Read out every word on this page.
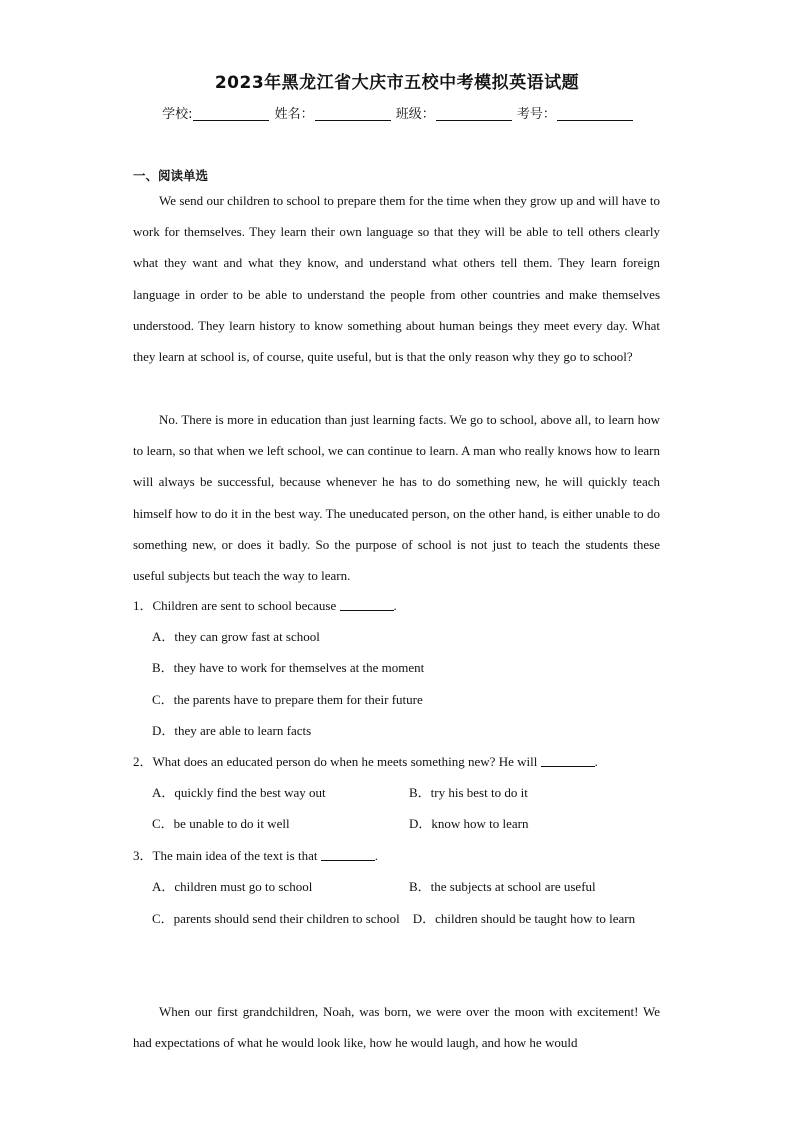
2023年黑龙江省大庆市五校中考模拟英语试题
学校:	姓名：	班级：	考号：
一、阅读单选

We send our children to school to prepare them for the time when they grow up and will have to work for themselves. They learn their own language so that they will be able to tell others clearly what they want and what they know, and understand what others tell them. They learn foreign language in order to be able to understand the people from other countries and make themselves understood. They learn history to know something about human beings they meet every day. What they learn at school is, of course, quite useful, but is that the only reason why they go to school?

No. There is more in education than just learning facts. We go to school, above all, to learn how to learn, so that when we left school, we can continue to learn. A man who really knows how to learn will always be successful, because whenever he has to do something new, he will quickly teach himself how to do it in the best way. The uneducated person, on the other hand, is either unable to do something new, or does it badly. So the purpose of school is not just to teach the students these useful subjects but teach the way to learn.

1．Children are sent to school because	.
A．they can grow fast at school
B．they have to work for themselves at the moment
C．the parents have to prepare them for their future
D．they are able to learn facts
2．What does an educated person do when he meets something new? He will	.
A．quickly find the best way out	B．try his best to do it
C．be unable to do it well	D．know how to learn
3．The main idea of the text is that	.
A．children must go to school	B．the subjects at school are useful
C．parents should send their children to school D．children should be taught how to learn

When our first grandchildren, Noah, was born, we were over the moon with excitement! We had expectations of what he would look like, how he would laugh, and how he would
